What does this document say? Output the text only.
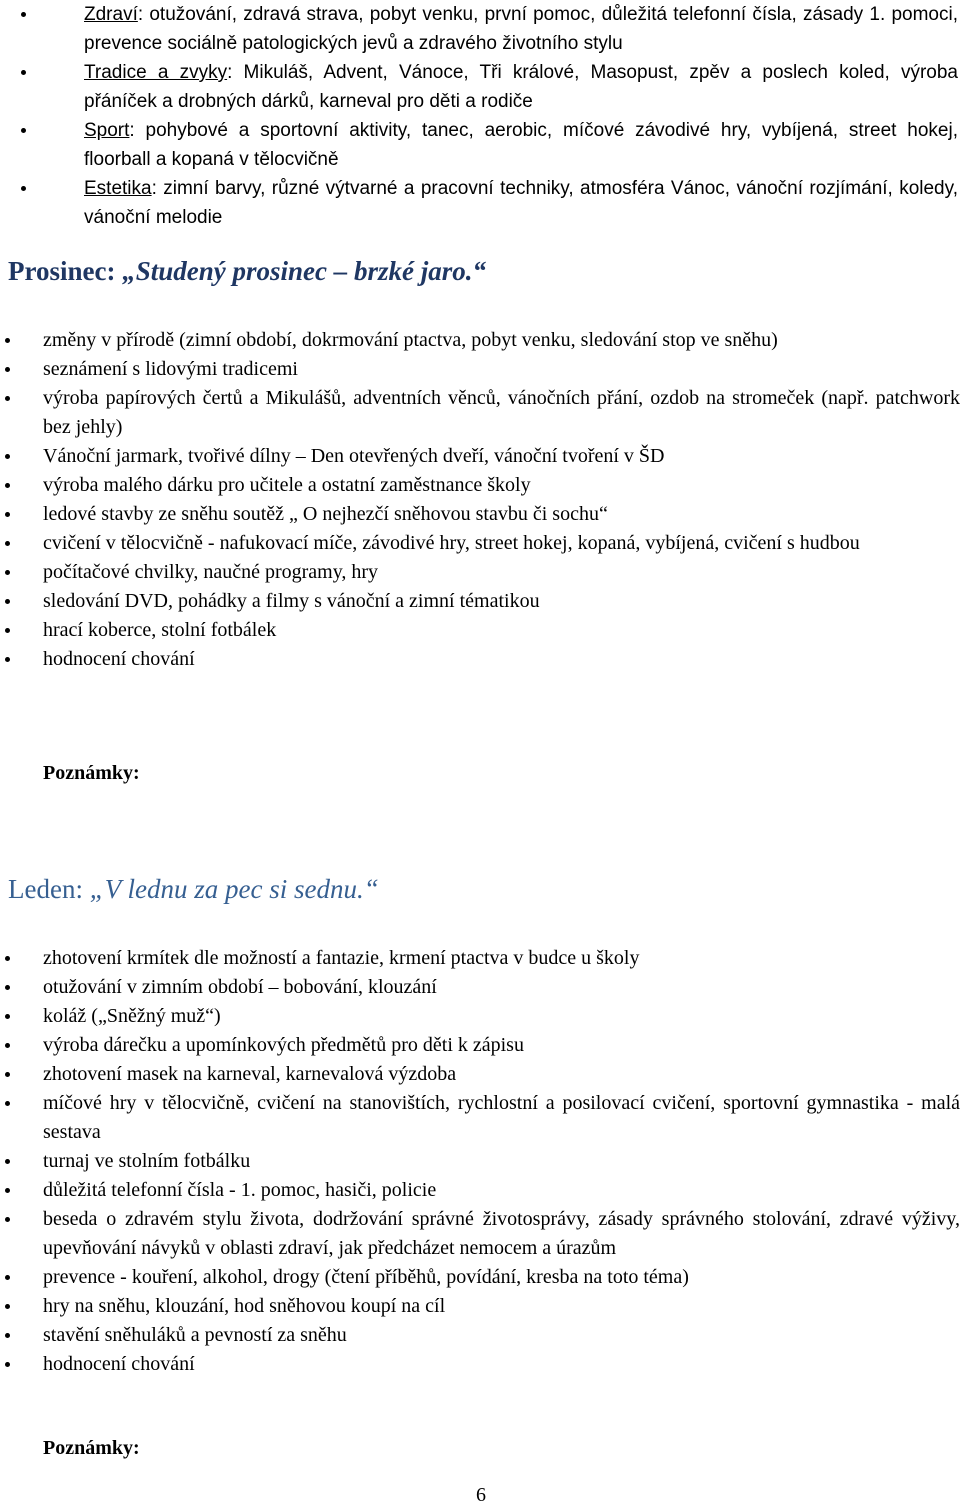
Zdraví: otužování, zdravá strava, pobyt venku, první pomoc, důležitá telefonní čísla, zásady 1. pomoci, prevence sociálně patologických jevů a zdravého životního stylu
Tradice a zvyky: Mikuláš, Advent, Vánoce, Tři králové, Masopust, zpěv a poslech koled, výroba přáníček a drobných dárků, karneval pro děti a rodiče
Sport: pohybové a sportovní aktivity, tanec, aerobic, míčové závodivé hry, vybíjená, street hokej, floorball a kopaná v tělocvičně
Estetika: zimní barvy, různé výtvarné a pracovní techniky, atmosféra Vánoc, vánoční rozjímání, koledy, vánoční melodie
Prosinec: „Studený prosinec – brzké jaro.“
změny v přírodě (zimní období, dokrmování ptactva, pobyt venku, sledování stop ve sněhu)
seznámení s lidovými tradicemi
výroba papírových čertů a Mikulášů, adventních věnců, vánočních přání, ozdob na stromeček (např. patchwork bez jehly)
Vánoční jarmark, tvořivé dílny – Den otevřených dveří, vánoční tvoření v ŠD
výroba malého dárku pro učitele a ostatní zaměstnance školy
ledové stavby ze sněhu soutěž „ O nejhezčí sněhovou stavbu či sochu“
cvičení v tělocvičně - nafukovací míče, závodivé hry, street hokej, kopaná, vybíjená, cvičení s hudbou
počítačové chvilky, naučné programy, hry
sledování DVD, pohádky a filmy s vánoční a zimní tématikou
hrací koberce, stolní fotbálek
hodnocení chování
Poznámky:
Leden: „V lednu za pec si sednu.“
zhotovení krmítek dle možností a fantazie, krmení ptactva v budce u školy
otužování v zimním období – bobování, klouzání
koláž („Sněžný muž“)
výroba dárečku a upomínkových předmětů pro děti k zápisu
zhotovení masek na karneval, karnevalová výzdoba
míčové hry v tělocvičně, cvičení na stanovištích, rychlostní a posilovací cvičení, sportovní gymnastika - malá sestava
turnaj ve stolním fotbálku
důležitá telefonní čísla - 1. pomoc, hasiči, policie
beseda o zdravém stylu života, dodržování správné životosprávy, zásady správného stolování, zdravé výživy, upevňování návyků v oblasti zdraví, jak předcházet nemocem a úrazům
prevence - kouření, alkohol, drogy (čtení příběhů, povídání, kresba na toto téma)
hry na sněhu, klouzání, hod sněhovou koupí na cíl
stavění sněhuláků a pevností za sněhu
hodnocení chování
Poznámky:
6
